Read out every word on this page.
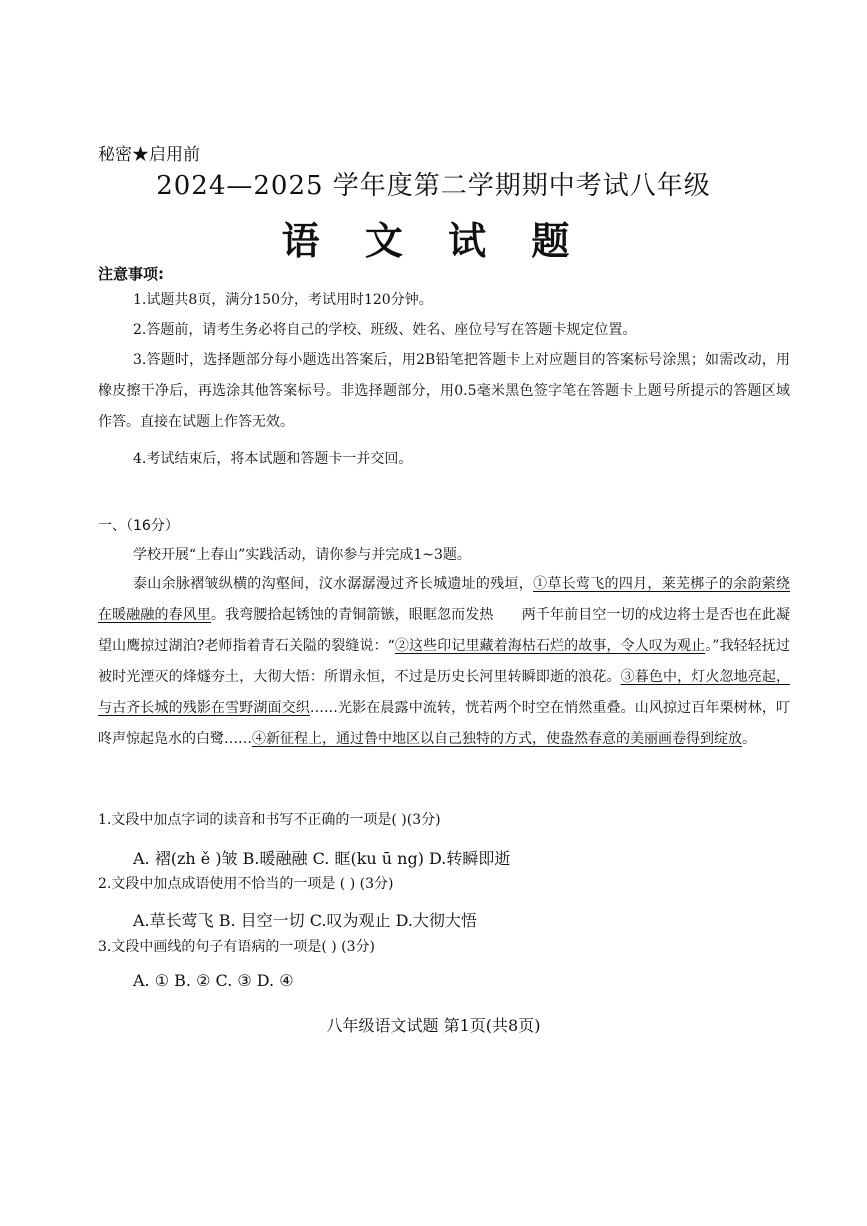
秘密★启用前
2024—2025 学年度第二学期期中考试八年级
语 文 试 题
注意事项:
1.试题共8页，满分150分，考试用时120分钟。
2.答题前，请考生务必将自己的学校、班级、姓名、座位号写在答题卡规定位置。
3.答题时，选择题部分每小题选出答案后，用2B铅笔把答题卡上对应题目的答案标号涂黑；如需改动，用橡皮擦干净后，再选涂其他答案标号。非选择题部分，用0.5毫米黑色签字笔在答题卡上题号所提示的答题区域作答。直接在试题上作答无效。
4.考试结束后，将本试题和答题卡一并交回。
一、（16分）
学校开展“上春山”实践活动，请你参与并完成1~3题。
泰山余脉褶皱纵横的沟壑间，汶水潺潺漫过齐长城遗址的残垣，①草长莺飞的四月，莱芜梆子的余韵萦绕在暖融融的春风里。我弯腰拾起锈蚀的青铜箭镞，眼眶忽而发热　　两千年前目空一切的戍边将士是否也在此凝望山鹰掠过湖泊?老师指着青石关隘的裂缝说：“②这些印记里藏着海枯石烂的故事，令人叹为观止。”我轻轻抚过被时光湮灭的烽燧夯土，大彻大悟：所谓永恒，不过是历史长河里转瞬即逝的浪花。③暮色中，灯火忽地亮起，与古齐长城的残影在雪野湖面交织……光影在晨露中流转，恍若两个时空在悄然重叠。山风掠过百年栗树林，叮咚声惊起凫水的白鹭……④新征程上，通过鲁中地区以自己独特的方式，使盎然春意的美丽画卷得到绽放。
1.文段中加点字词的读音和书写不正确的一项是( )(3分)
A. 褶(zh ě )皱 B.暖融融 C. 眶(ku ū ng) D.转瞬即逝
2.文段中加点成语使用不恰当的一项是 ( ) (3分)
A.草长莺飞 B. 目空一切 C.叹为观止 D.大彻大悟
3.文段中画线的句子有语病的一项是( ) (3分)
A. ① B. ② C. ③ D. ④
八年级语文试题 第1页(共8页)
